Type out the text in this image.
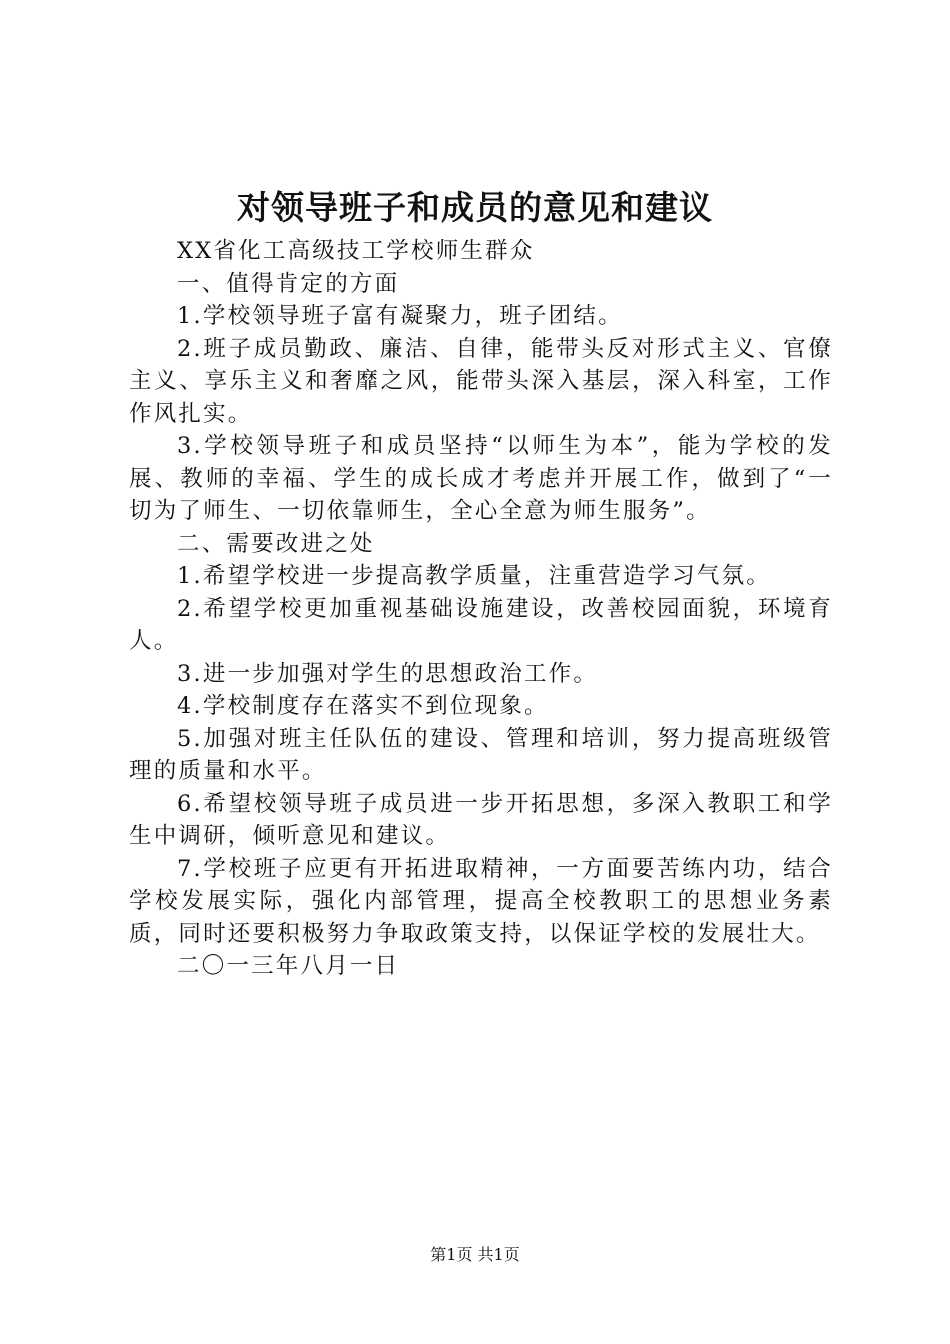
对领导班子和成员的意见和建议

XX省化工高级技工学校师生群众

一、值得肯定的方面

1.学校领导班子富有凝聚力，班子团结。

2.班子成员勤政、廉洁、自律，能带头反对形式主义、官僚主义、享乐主义和奢靡之风，能带头深入基层，深入科室，工作作风扎实。

3.学校领导班子和成员坚持“以师生为本”，能为学校的发展、教师的幸福、学生的成长成才考虑并开展工作，做到了“一切为了师生、一切依靠师生，全心全意为师生服务”。

二、需要改进之处

1.希望学校进一步提高教学质量，注重营造学习气氛。

2.希望学校更加重视基础设施建设，改善校园面貌，环境育人。

3.进一步加强对学生的思想政治工作。

4.学校制度存在落实不到位现象。

5.加强对班主任队伍的建设、管理和培训，努力提高班级管理的质量和水平。

6.希望校领导班子成员进一步开拓思想，多深入教职工和学生中调研，倾听意见和建议。

7.学校班子应更有开拓进取精神，一方面要苦练内功，结合学校发展实际，强化内部管理，提高全校教职工的思想业务素质，同时还要积极努力争取政策支持，以保证学校的发展壮大。

二〇一三年八月一日

第1页 共1页
